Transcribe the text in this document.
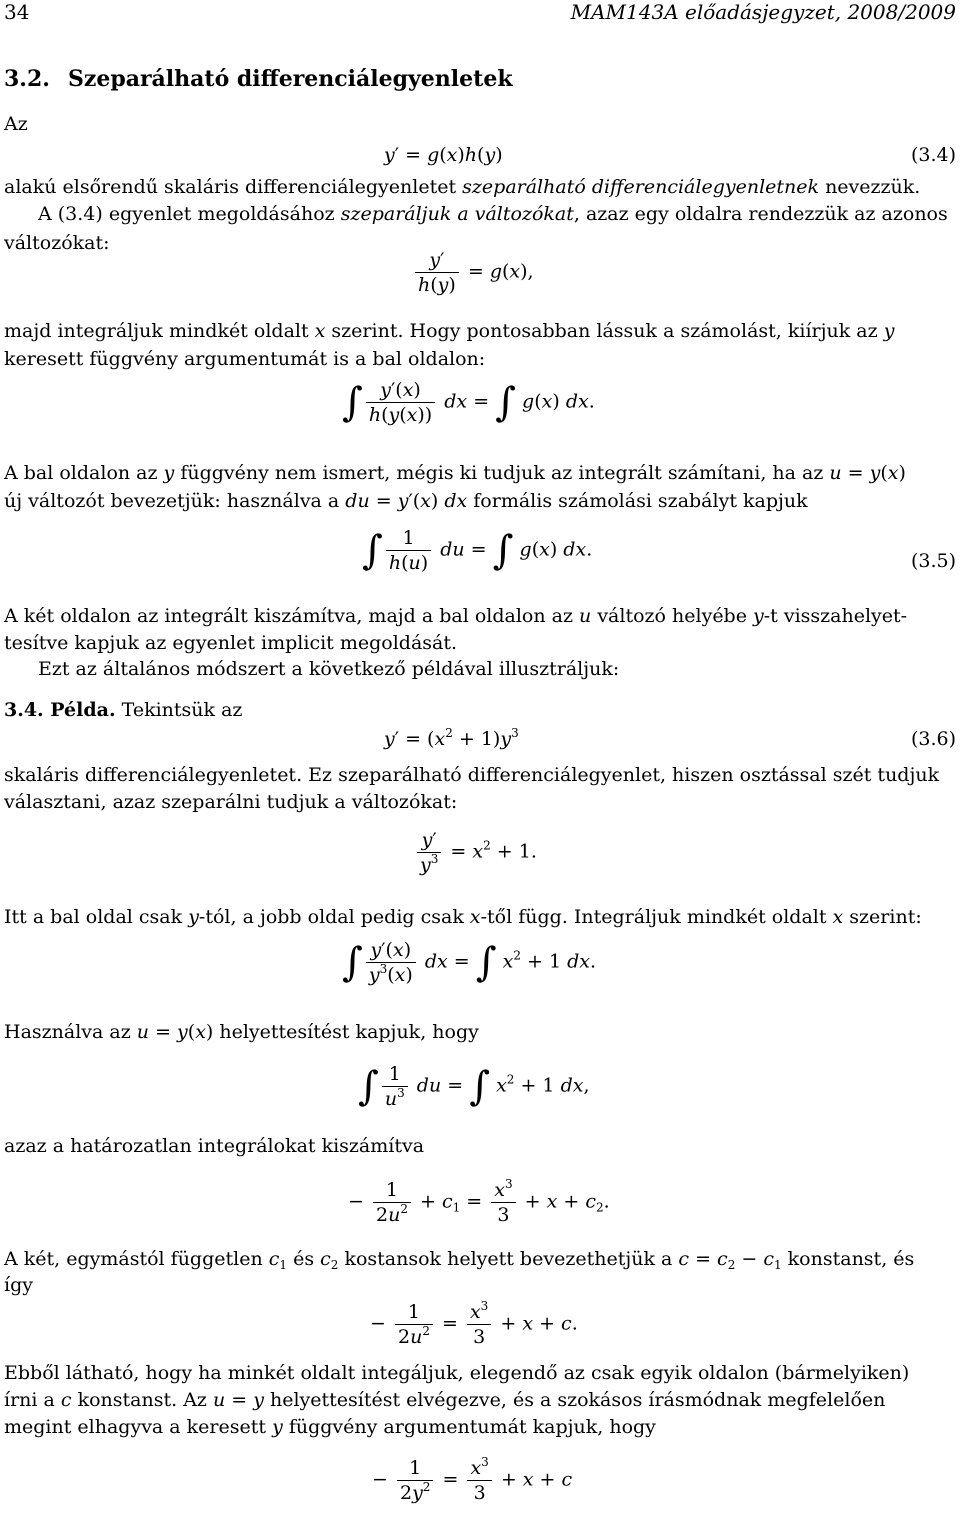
34	MAM143A előadásjegyzet, 2008/2009
3.2. Szeparálható differenciálegyenletek
Az
y′ = g(x)h(y)	(3.4)
alakú elsőrendű skaláris differenciálegyenletet szeparálható differenciálegyenletnek nevezzük.
A (3.4) egyenlet megoldásához szeparáljuk a változókat, azaz egy oldalra rendezzük az azonos
változókat:
$\frac{y'}{h(y)} = g(x)$,
majd integráljuk mindkét oldalt x szerint. Hogy pontosabban lássuk a számolást, kiírjuk az y
keresett függvény argumentumát is a bal oldalon:
∫ $\frac{y'(x)}{h(y(x))}$ dx = ∫ g(x) dx.
A bal oldalon az y függvény nem ismert, mégis ki tudjuk az integrált számítani, ha az u = y(x)
új változót bevezetjük: használva a du = y′(x) dx formális számolási szabályt kapjuk
∫ $\frac{1}{h(u)}$ du = ∫ g(x) dx.
(3.5)
A két oldalon az integrált kiszámítva, majd a bal oldalon az u változó helyébe y-t visszahelyet-
tesítve kapjuk az egyenlet implicit megoldását.
Ezt az általános módszert a következő példával illusztráljuk:
3.4. Példa. Tekintsük az
$y' = (x^2 + 1)y^3$	(3.6)
skaláris differenciálegyenletet. Ez szeparálható differenciálegyenlet, hiszen osztással szét tudjuk
választani, azaz szeparálni tudjuk a változókat:
$\frac{y'}{y^3} = x^2 + 1$.
Itt a bal oldal csak y-tól, a jobb oldal pedig csak x-től függ. Integráljuk mindkét oldalt x szerint:
∫ $\frac{y'(x)}{y^3(x)}$ dx = ∫ $x^2 + 1$ dx.
Használva az u = y(x) helyettesítést kapjuk, hogy
∫ $\frac{1}{u^3}$ du = ∫ $x^2 + 1$ dx,
azaz a határozatlan integrálokat kiszámítva
− $\frac{1}{2u^2} + c_1 = \frac{x^3}{3} + x + c_2$.
A két, egymástól független $c_1$ és $c_2$ kostansok helyett bevezethetjük a $c = c_2 - c_1$ konstanst, és
így
− $\frac{1}{2u^2} = \frac{x^3}{3} + x + c$.
Ebből látható, hogy ha minkét oldalt integáljuk, elegendő az csak egyik oldalon (bármelyiken)
írni a c konstanst. Az u = y helyettesítést elvégezve, és a szokásos írásmódnak megfelelően
megint elhagyva a keresett y függvény argumentumát kapjuk, hogy
− $\frac{1}{2y^2} = \frac{x^3}{3} + x + c$
